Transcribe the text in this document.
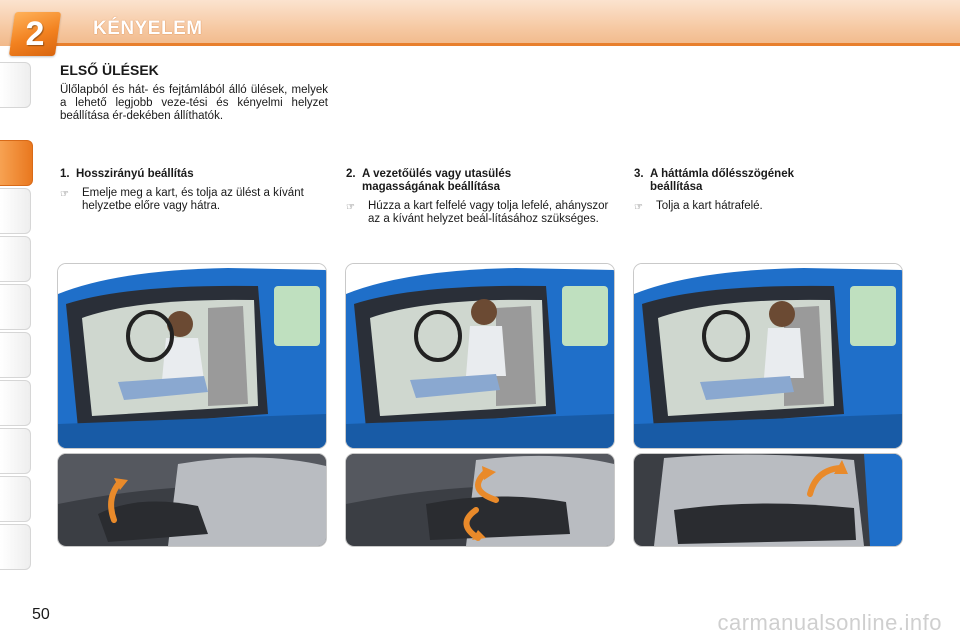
2	KÉNYELEM
ELSŐ ÜLÉSEK
Ülőlapból és hát- és fejtámlából álló ülések, melyek a lehető legjobb veze-tési és kényelmi helyzet beállítása ér-dekében állíthatók.
1. Hosszirányú beállítás
☞	Emelje meg a kart, és tolja az ülést a kívánt helyzetbe előre vagy hátra.
2. A vezetőülés vagy utasülés
magasságának beállítása
☞	Húzza a kart felfelé vagy tolja lefelé, ahányszor az a kívánt helyzet beál-lításához szükséges.
3. A háttámla dőlésszögének
beállítása
☞	Tolja a kart hátrafelé.
50	carmanualsonline.info
